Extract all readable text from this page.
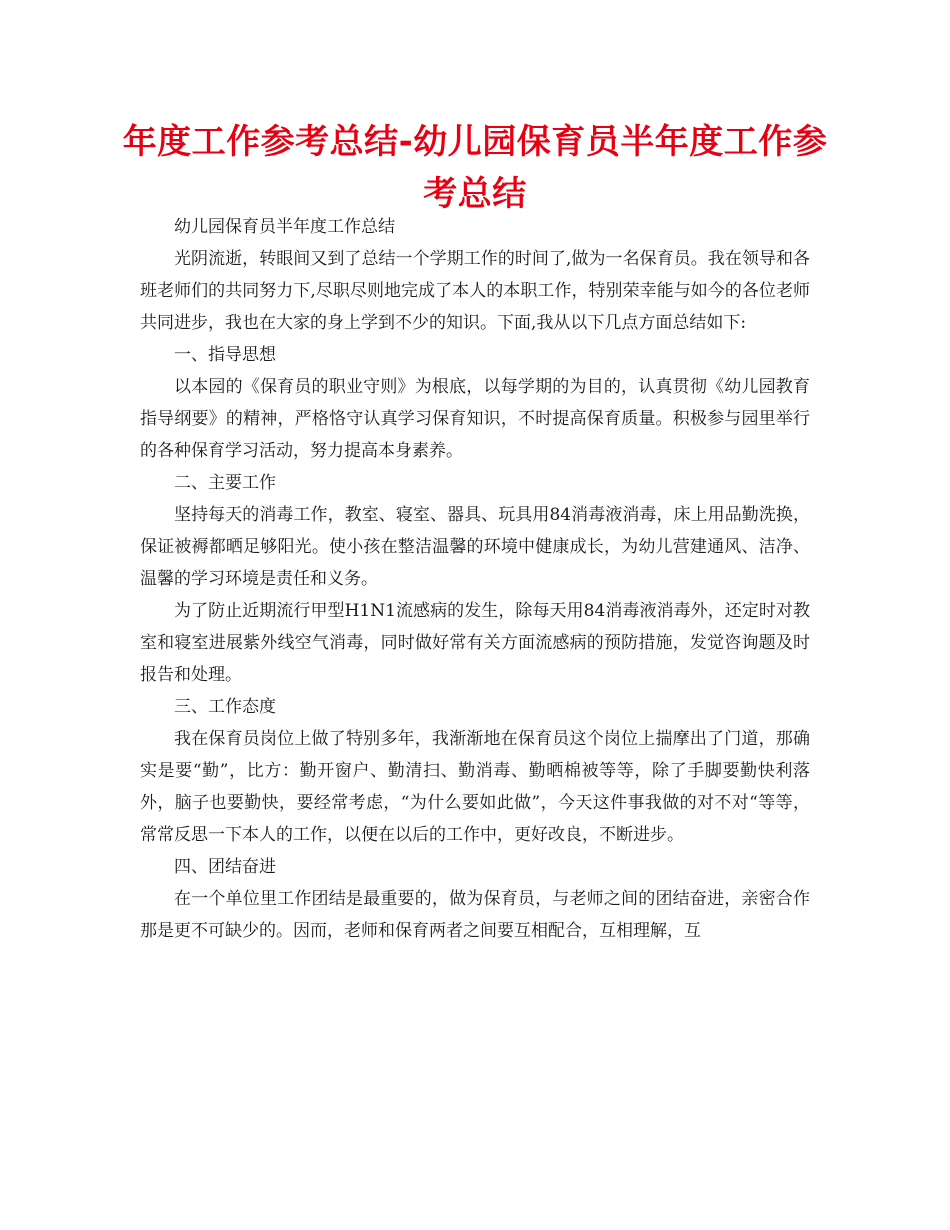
年度工作参考总结-幼儿园保育员半年度工作参考总结

幼儿园保育员半年度工作总结

光阴流逝，转眼间又到了总结一个学期工作的时间了,做为一名保育员。我在领导和各班老师们的共同努力下,尽职尽则地完成了本人的本职工作，特别荣幸能与如今的各位老师共同进步，我也在大家的身上学到不少的知识。下面,我从以下几点方面总结如下:

一、指导思想

以本园的《保育员的职业守则》为根底，以每学期的为目的，认真贯彻《幼儿园教育指导纲要》的精神，严格恪守认真学习保育知识，不时提高保育质量。积极参与园里举行的各种保育学习活动，努力提高本身素养。

二、主要工作

坚持每天的消毒工作，教室、寝室、器具、玩具用84消毒液消毒，床上用品勤洗换，保证被褥都晒足够阳光。使小孩在整洁温馨的环境中健康成长，为幼儿营建通风、洁净、温馨的学习环境是责任和义务。

为了防止近期流行甲型H1N1流感病的发生，除每天用84消毒液消毒外，还定时对教室和寝室进展紫外线空气消毒，同时做好常有关方面流感病的预防措施，发觉咨询题及时报告和处理。

三、工作态度

我在保育员岗位上做了特别多年，我渐渐地在保育员这个岗位上揣摩出了门道，那确实是要“勤”，比方：勤开窗户、勤清扫、勤消毒、勤晒棉被等等，除了手脚要勤快利落外，脑子也要勤快，要经常考虑，“为什么要如此做”，今天这件事我做的对不对“等等，常常反思一下本人的工作，以便在以后的工作中，更好改良，不断进步。

四、团结奋进

在一个单位里工作团结是最重要的，做为保育员，与老师之间的团结奋进，亲密合作那是更不可缺少的。因而，老师和保育两者之间要互相配合，互相理解，互
